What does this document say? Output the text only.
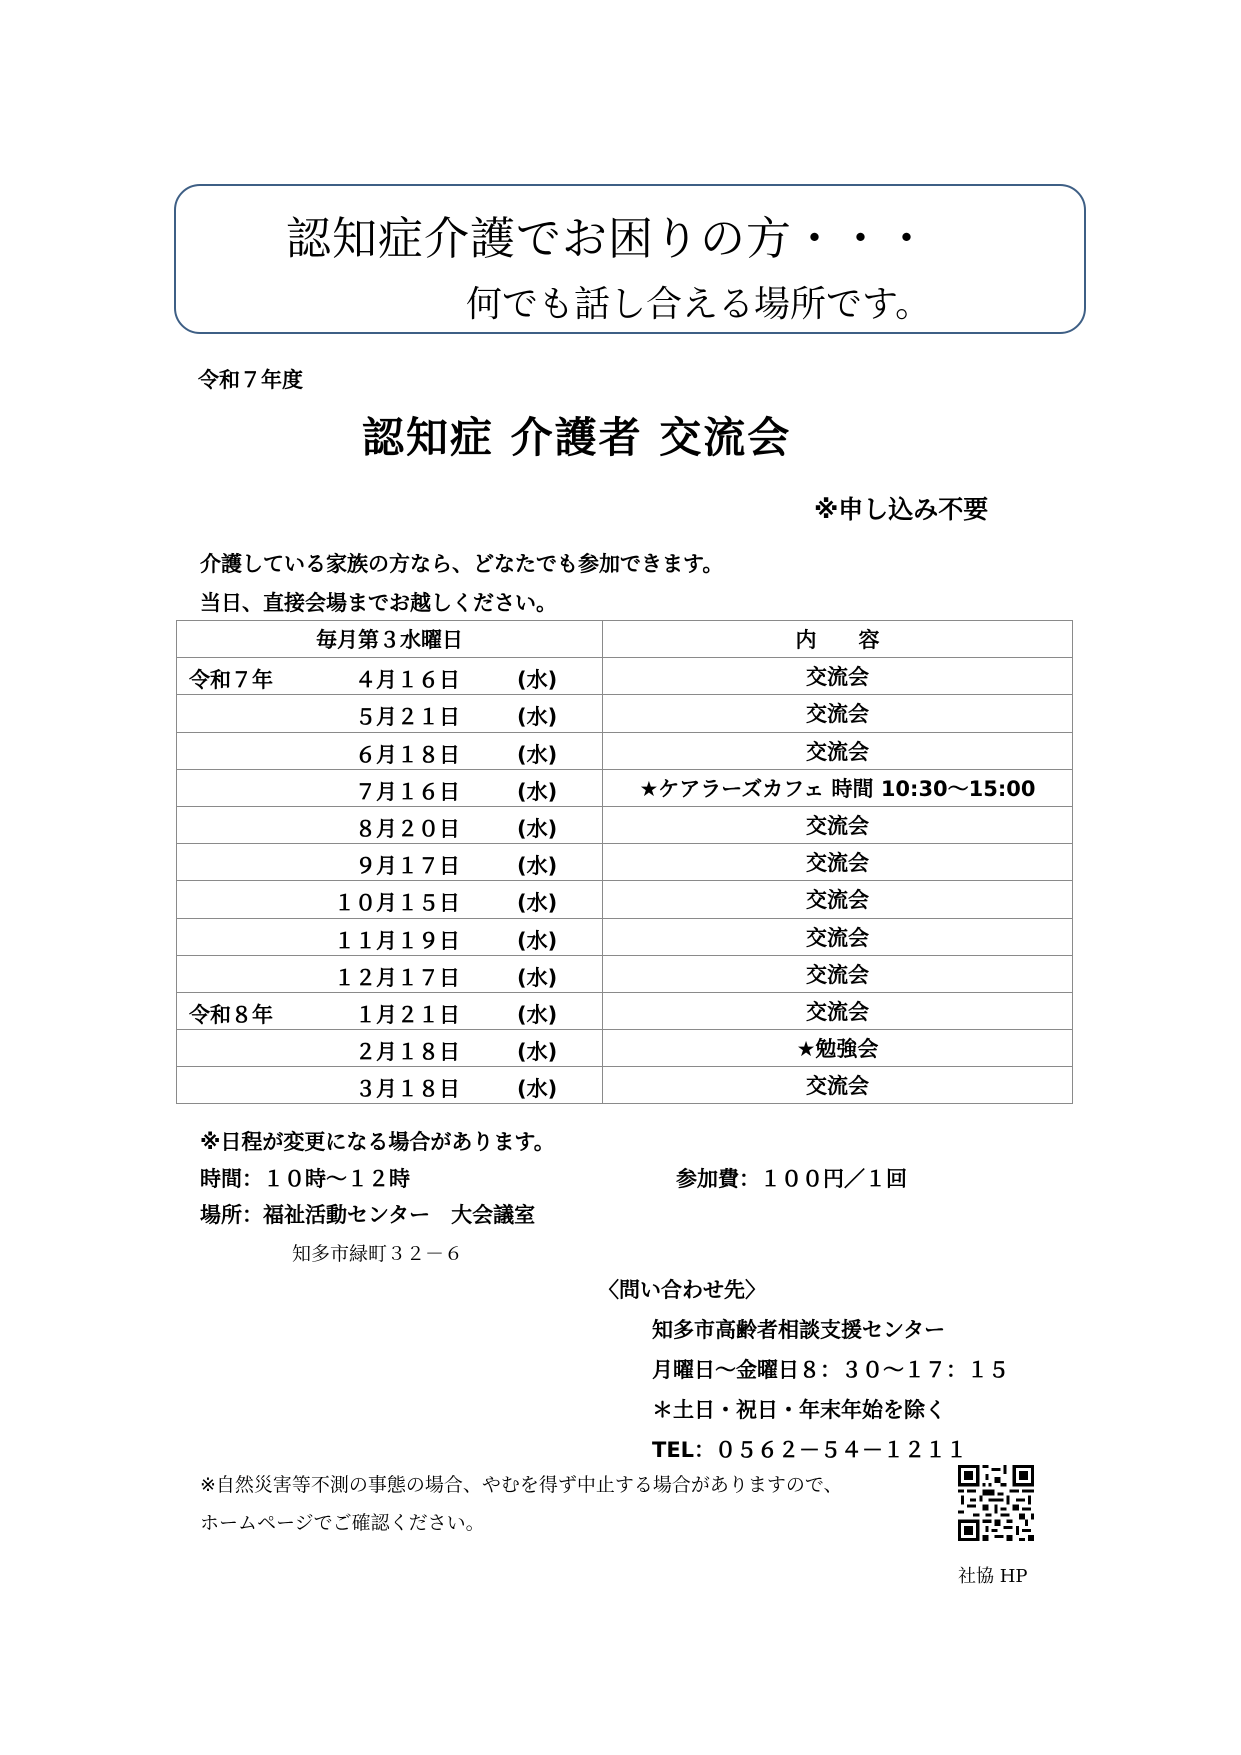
認知症介護でお困りの方・・・
何でも話し合える場所です。
令和７年度
認知症 介護者 交流会
※申し込み不要
介護している家族の方なら、どなたでも参加できます。
当日、直接会場までお越しください。
毎月第３水曜日	内　　容

令和７年 ４月１６日 (水)	交流会

５月２１日 (水)	交流会

６月１８日 (水)	交流会

７月１６日 (水)	★ケアラーズカフェ 時間 10:30～15:00

８月２０日 (水)	交流会

９月１７日 (水)	交流会

１０月１５日 (水)	交流会

１１月１９日 (水)	交流会

１２月１７日 (水)	交流会

令和８年 １月２１日 (水)	交流会

２月１８日 (水)	★勉強会

３月１８日 (水)	交流会
※日程が変更になる場合があります。
時間：１０時～１２時	参加費：１００円／１回
場所：福祉活動センター　大会議室
知多市緑町３２－６
〈問い合わせ先〉
知多市高齢者相談支援センター
月曜日～金曜日８：３０～１７：１５
＊土日・祝日・年末年始を除く
TEL：０５６２－５４－１２１１
※自然災害等不測の事態の場合、やむを得ず中止する場合がありますので、
ホームページでご確認ください。
社協 HP
